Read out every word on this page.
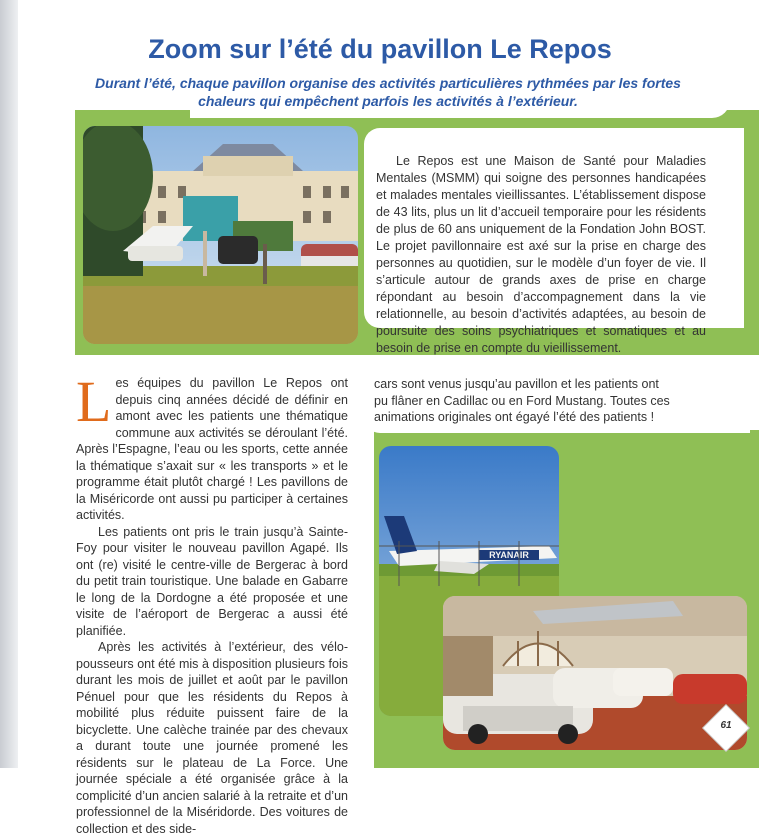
Zoom sur l’été du pavillon Le Repos

Durant l’été, chaque pavillon organise des activités particulières rythmées par les fortes chaleurs qui empêchent parfois les activités à l’extérieur.

Le Repos est une Maison de Santé pour Maladies Mentales (MSMM) qui soigne des personnes handicapées et malades mentales vieillissantes. L’établissement dispose de 43 lits, plus un lit d’accueil temporaire pour les résidents de plus de 60 ans uniquement de la Fondation John BOST. Le projet pavillonnaire est axé sur la prise en charge des personnes au quotidien, sur le modèle d’un foyer de vie. Il s’articule autour de grands axes de prise en charge répondant au besoin d’accompagnement dans la vie relationnelle, au besoin d’activités adaptées, au besoin de poursuite des soins psychiatriques et somatiques et au besoin de prise en compte du vieillissement.

Les équipes du pavillon Le Repos ont depuis cinq années décidé de définir en amont avec les patients une thématique commune aux activités se déroulant l’été. Après l’Espagne, l’eau ou les sports, cette année la thématique s’axait sur « les transports » et le programme était plutôt chargé ! Les pavillons de la Miséricorde ont aussi pu participer à certaines activités.

Les patients ont pris le train jusqu’à Sainte-Foy pour visiter le nouveau pavillon Agapé. Ils ont (re) visité le centre-ville de Bergerac à bord du petit train touristique. Une balade en Gabarre le long de la Dordogne a été proposée et une visite de l’aéroport de Bergerac a aussi été planifiée.

Après les activités à l’extérieur, des vélo-pousseurs ont été mis à disposition plusieurs fois durant les mois de juillet et août par le pavillon Pénuel pour que les résidents du Repos à mobilité plus réduite puissent faire de la bicyclette. Une calèche trainée par des chevaux a durant toute une journée promené les résidents sur le plateau de La Force. Une journée spéciale a été organisée grâce à la complicité d’un ancien salarié à la retraite et d’un professionnel de la Miséridorde. Des voitures de collection et des side-

cars sont venus jusqu’au pavillon et les patients ont pu flâner en Cadillac ou en Ford Mustang. Toutes ces animations originales ont égayé l’été des patients !

RYANAIR
61
